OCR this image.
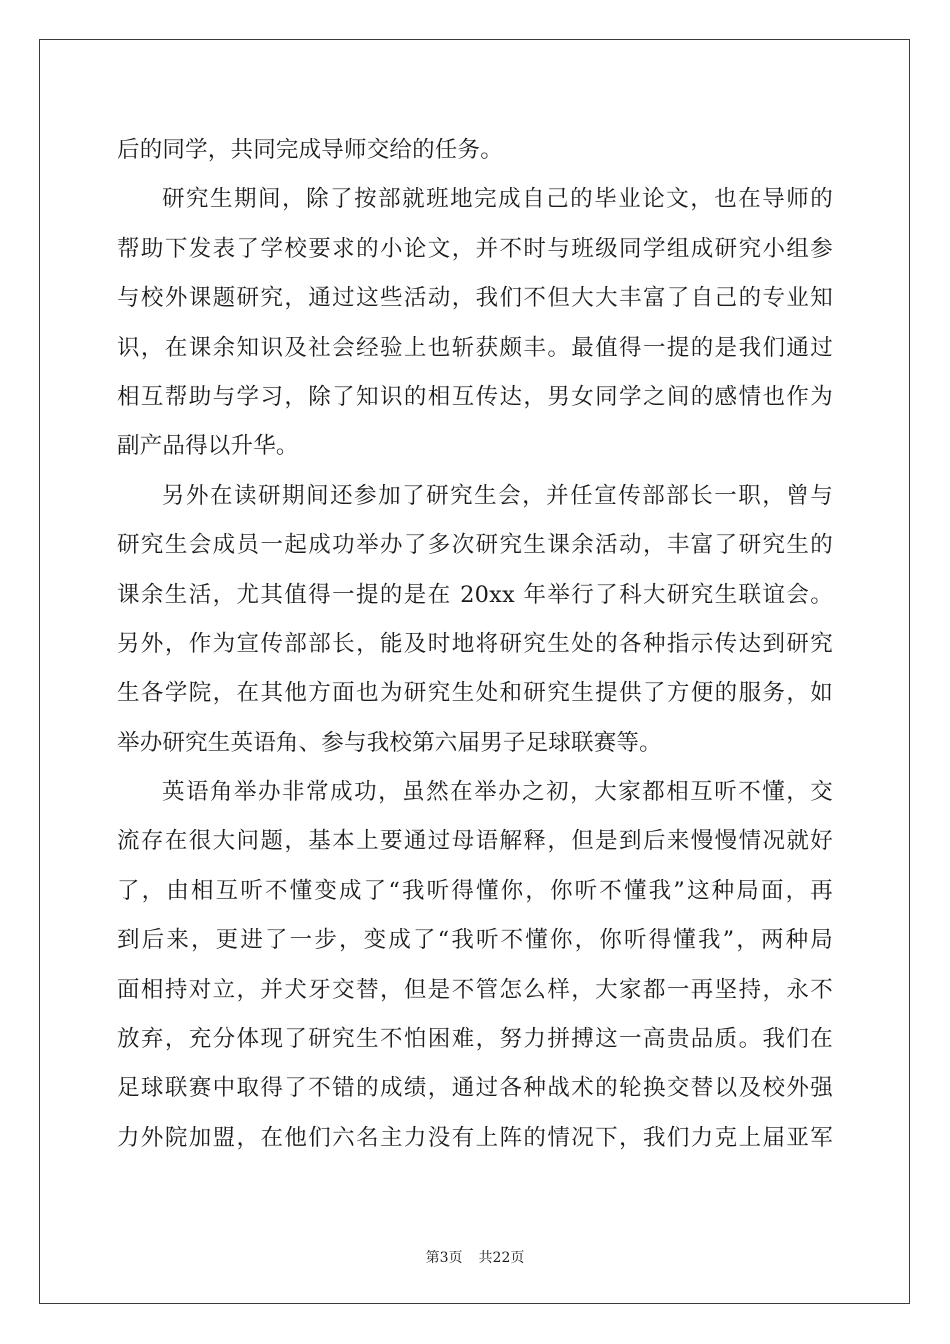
后的同学，共同完成导师交给的任务。
研究生期间，除了按部就班地完成自己的毕业论文，也在导师的
帮助下发表了学校要求的小论文，并不时与班级同学组成研究小组参
与校外课题研究，通过这些活动，我们不但大大丰富了自己的专业知
识，在课余知识及社会经验上也斩获颇丰。最值得一提的是我们通过
相互帮助与学习，除了知识的相互传达，男女同学之间的感情也作为
副产品得以升华。
另外在读研期间还参加了研究生会，并任宣传部部长一职，曾与
研究生会成员一起成功举办了多次研究生课余活动，丰富了研究生的
课余生活，尤其值得一提的是在 20xx 年举行了科大研究生联谊会。
另外，作为宣传部部长，能及时地将研究生处的各种指示传达到研究
生各学院，在其他方面也为研究生处和研究生提供了方便的服务，如
举办研究生英语角、参与我校第六届男子足球联赛等。
英语角举办非常成功，虽然在举办之初，大家都相互听不懂，交
流存在很大问题，基本上要通过母语解释，但是到后来慢慢情况就好
了，由相互听不懂变成了“我听得懂你，你听不懂我”这种局面，再
到后来，更进了一步，变成了“我听不懂你，你听得懂我”，两种局
面相持对立，并犬牙交替，但是不管怎么样，大家都一再坚持，永不
放弃，充分体现了研究生不怕困难，努力拼搏这一高贵品质。我们在
足球联赛中取得了不错的成绩，通过各种战术的轮换交替以及校外强
力外院加盟，在他们六名主力没有上阵的情况下，我们力克上届亚军
第3页 共22页
